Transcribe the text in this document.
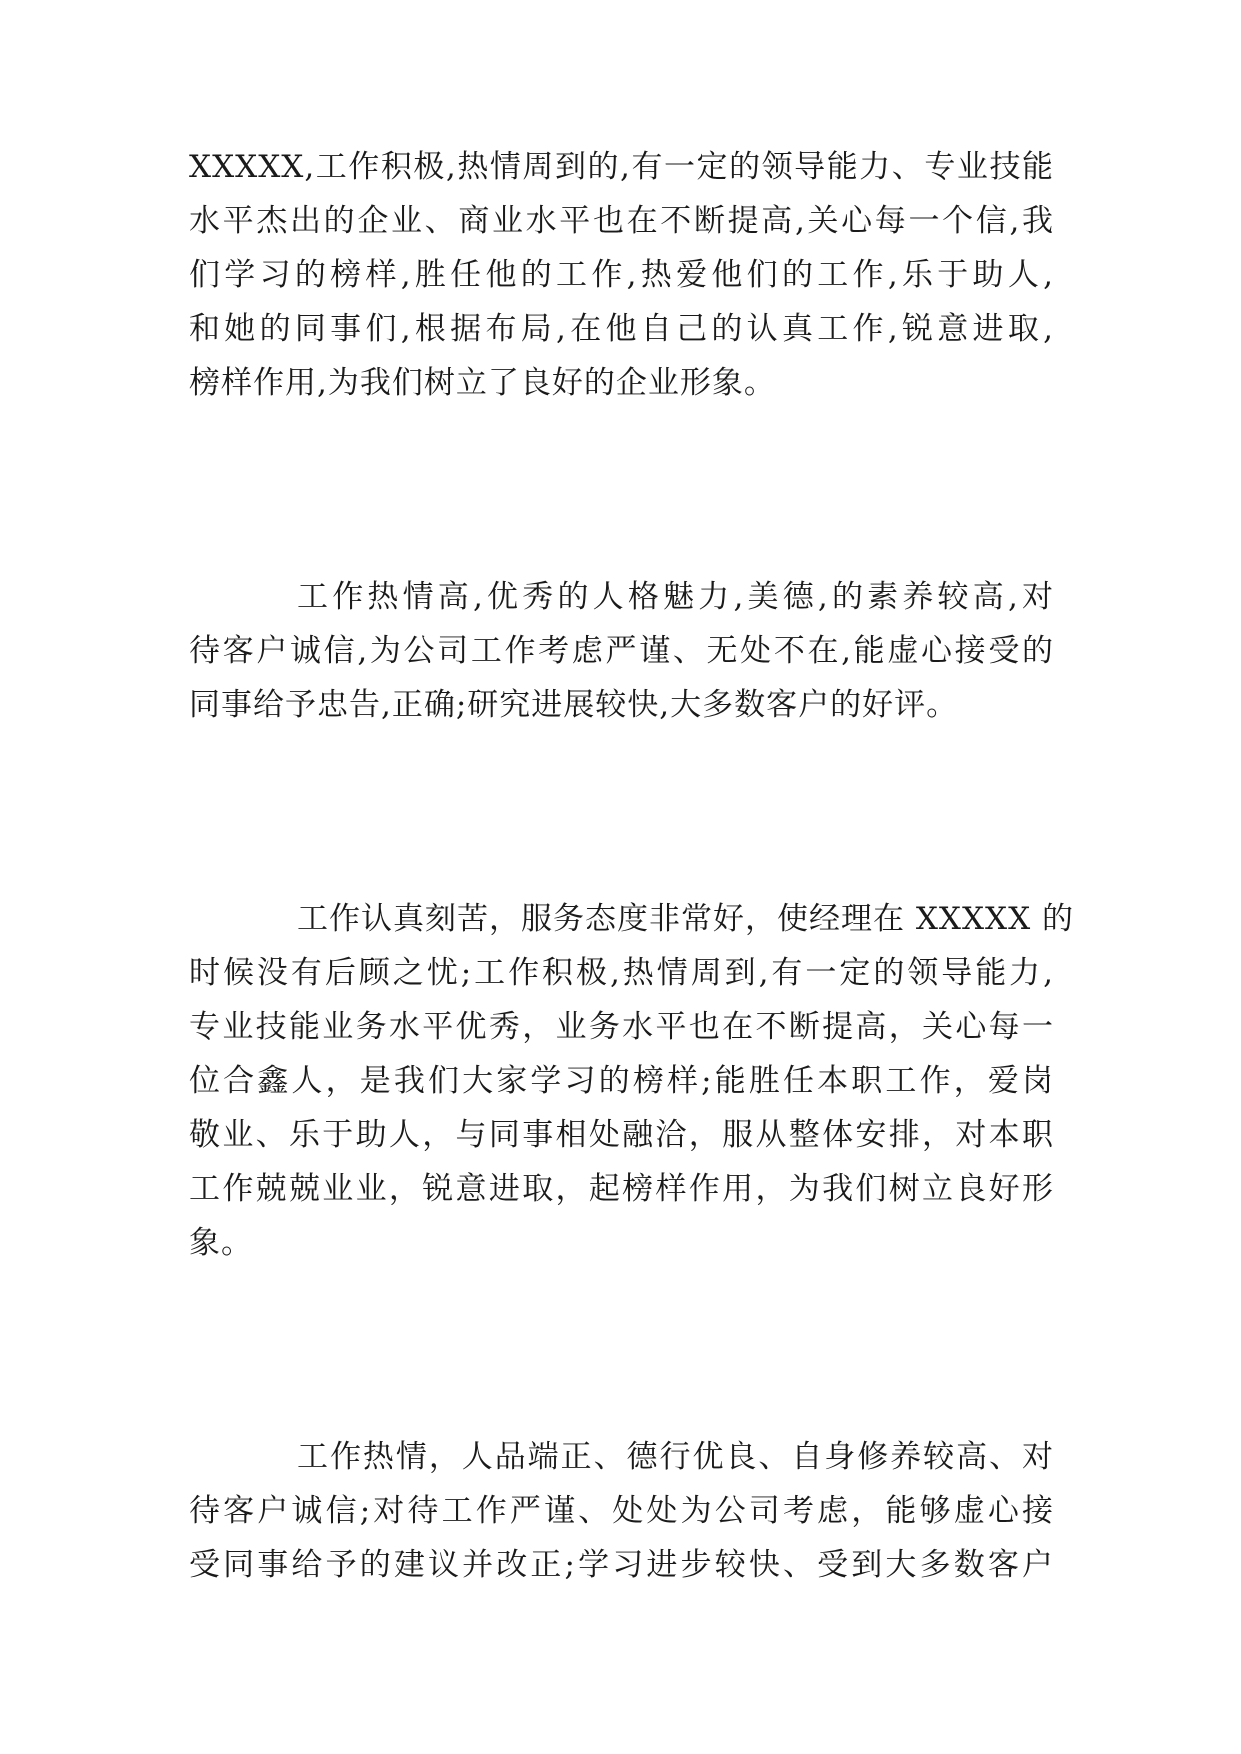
XXXXX,工作积极,热情周到的,有一定的领导能力、专业技能
水平杰出的企业、商业水平也在不断提高,关心每一个信,我
们学习的榜样,胜任他的工作,热爱他们的工作,乐于助人,
和她的同事们,根据布局,在他自己的认真工作,锐意进取,
榜样作用,为我们树立了良好的企业形象。
工作热情高,优秀的人格魅力,美德,的素养较高,对
待客户诚信,为公司工作考虑严谨、无处不在,能虚心接受的
同事给予忠告,正确;研究进展较快,大多数客户的好评。
工作认真刻苦，服务态度非常好，使经理在 XXXXX 的
时候没有后顾之忧;工作积极,热情周到,有一定的领导能力,
专业技能业务水平优秀，业务水平也在不断提高，关心每一
位合鑫人，是我们大家学习的榜样;能胜任本职工作，爱岗
敬业、乐于助人，与同事相处融洽，服从整体安排，对本职
工作兢兢业业，锐意进取，起榜样作用，为我们树立良好形
象。
工作热情，人品端正、德行优良、自身修养较高、对
待客户诚信;对待工作严谨、处处为公司考虑，能够虚心接
受同事给予的建议并改正;学习进步较快、受到大多数客户
